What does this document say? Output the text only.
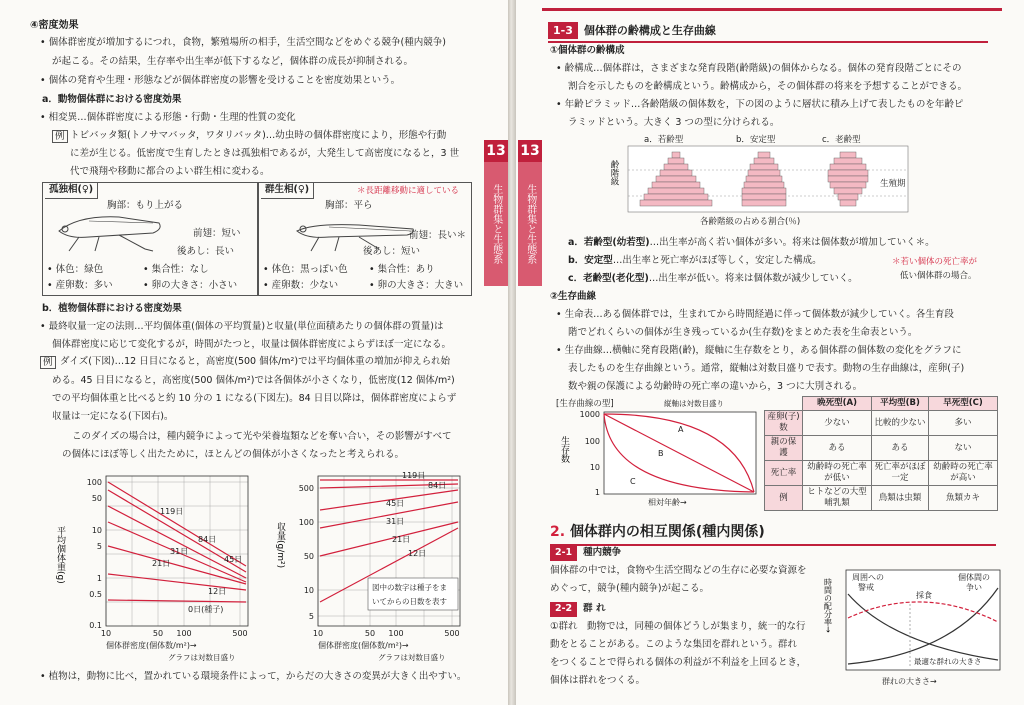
④密度効果
• 個体群密度が増加するにつれ，食物，繁殖場所の相手，生活空間などをめぐる競争(種内競争)
が起こる。その結果，生存率や出生率が低下するなど，個体群の成長が抑制される。
• 個体の発育や生理・形態などが個体群密度の影響を受けることを密度効果という。
a．動物個体群における密度効果
• 相変異…個体群密度による形態・行動・生理的性質の変化
例 トビバッタ類(トノサマバッタ，ワタリバッタ)…幼虫時の個体群密度により，形態や行動
に差が生じる。低密度で生育したときは孤独相であるが，大発生して高密度になると，3 世
代で飛翔や移動に都合のよい群生相に変わる。
孤独相(♀)
胸部：もり上がる
前翅：短い
後あし：長い
• 体色：緑色	• 集合性：なし
• 産卵数：多い	• 卵の大きさ：小さい
群生相(♀)	＊長距離移動に適している
胸部：平ら
前翅：長い＊
後あし：短い
• 体色：黒っぽい色 • 集合性：あり
• 産卵数：少ない	• 卵の大きさ：大きい
b．植物個体群における密度効果
• 最終収量一定の法則…平均個体重(個体の平均質量)と収量(単位面積あたりの個体群の質量)は
個体群密度に応じて変化するが，時間がたつと，収量は個体群密度によらずほぼ一定になる。
例 ダイズ(下図)…12 日目になると，高密度(500 個体/m²)では平均個体重の増加が抑えられ始
める。45 日目になると，高密度(500 個体/m²)では各個体が小さくなり，低密度(12 個体/m²)
での平均個体重と比べると約 10 分の 1 になる(下図左)。84 日目以降は，個体群密度によらず
収量は一定になる(下図右)。
このダイズの場合は，種内競争によって光や栄養塩類などを奪い合い，その影響がすべて
の個体にほぼ等しく出たために，ほとんどの個体が小さくなったと考えられる。
100
50
10
5
1
0.5
0.1
10	50 100	500
119日
84日
31日
45日
21日
12日
0日(種子)
個体群密度(個体数/m²)→
グラフは対数目盛り
平均個体重(g)
500
100
50
10
5
10	50 100	500
119日
84日
45日
31日
21日
12日
個体群密度(個体数/m²)→
グラフは対数目盛り
図中の数字は種子をま
いてからの日数を表す
収量(g/m²)
• 植物は，動物に比べ，置かれている環境条件によって，からだの大きさの変異が大きく出やすい。
13
生物群集と生態系
13
生物群集と生態系
1-3 個体群の齢構成と生存曲線
①個体群の齢構成
• 齢構成…個体群は，さまざまな発育段階(齢階級)の個体からなる。個体の発育段階ごとにその
割合を示したものを齢構成という。齢構成から，その個体群の将来を予想することができる。
• 年齢ピラミッド…各齢階級の個体数を，下の図のように層状に積み上げて表したものを年齢ピ
ラミッドという。大きく 3 つの型に分けられる。
a．若齢型	b．安定型	c．老齢型
生殖期
各齢階級の占める割合(％)
齢階級
a．若齢型(幼若型)…出生率が高く若い個体が多い。将来は個体数が増加していく＊。
b．安定型…出生率と死亡率がほぼ等しく，安定した構成。
c．老齢型(老化型)…出生率が低い。将来は個体数が減少していく。
＊若い個体の死亡率が
低い個体群の場合。
②生存曲線
• 生命表…ある個体群では，生まれてから時間経過に伴って個体数が減少していく。各生育段
階でどれくらいの個体が生き残っているか(生存数)をまとめた表を生命表という。
• 生存曲線…横軸に発育段階(齢)，縦軸に生存数をとり，ある個体群の個体数の変化をグラフに
表したものを生存曲線という。通常，縦軸は対数目盛りで表す。動物の生存曲線は，産卵(子)
数や親の保護による幼齢時の死亡率の違いから，3 つに大別される。
[生存曲線の型]	縦軸は対数目盛り
1000
100
10
1
A
B
C
相対年齢→
生存数
	晩死型(A)	平均型(B)	早死型(C)
産卵(子)数	少ない	比較的少ない	多い
親の保護	ある	ある	ない
死亡率	幼齢時の死亡率が低い	死亡率がほぼ一定	幼齢時の死亡率が高い
例	ヒトなどの大型哺乳類	鳥類は虫類	魚類カキ
2. 個体群内の相互関係(種内関係)
2-1 種内競争
個体群の中では，食物や生活空間などの生存に必要な資源を
めぐって，競争(種内競争)が起こる。
2-2 群 れ
①群れ　動物では，同種の個体どうしが集まり，統一的な行
動をとることがある。このような集団を群れという。群れ
をつくることで得られる個体の利益が不利益を上回るとき，
個体は群れをつくる。
周囲への
警戒
個体間の
争い
採食
最適な群れの大きさ
群れの大きさ→
時間の配分率→
